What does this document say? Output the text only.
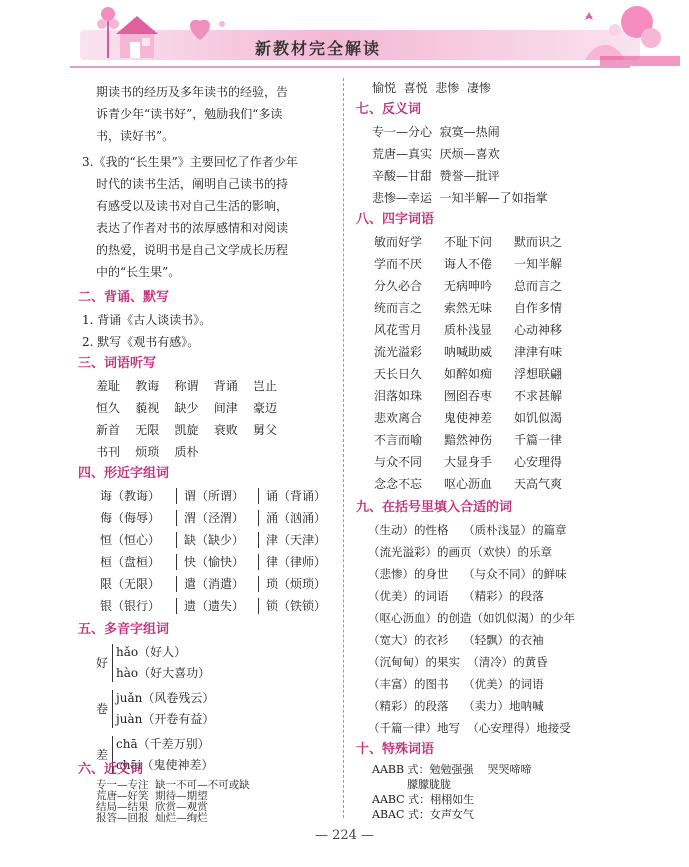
新教材完全解读
期读书的经历及多年读书的经验，告
诉青少年“读书好”，勉励我们“多读
书，读好书”。
3.《我的“长生果”》主要回忆了作者少年
时代的读书生活，阐明自己读书的持
有感受以及读书对自己生活的影响，
表达了作者对书的浓厚感情和对阅读
的热爱，说明书是自己文学成长历程
中的“长生果”。
二、背诵、默写
1. 背诵《古人谈读书》。
2. 默写《观书有感》。
三、词语听写
羞耻    教诲    称谓    背诵    岂止
恒久    藐视    缺少    间津    豪迈
新首    无限    凯旋    衰败    舅父
书刊    烦琐    质朴
四、形近字组词
诲（教诲） 谓（所谓） 诵（背诵）
侮（侮辱） 渭（泾渭） 涌（汹涌）
恒（恒心） 缺（缺少） 津（天津）
桓（盘桓） 快（愉快） 律（律师）
限（无限） 遣（消遣） 琐（烦琐）
银（银行） 遗（遗失） 锁（铁锁）
五、多音字组词
好
hǎo（好人）
hào（好大喜功）
卷
juǎn（风卷残云）
juàn（开卷有益）
差
chā（千差万别）
chāi（鬼使神差）
六、近义词
专一—专注  缺一不可—不可或缺
荒唐—好笑  期待—期望
结局—结果  欣赏—观赏
报答—回报  灿烂—绚烂
愉悦  喜悦  悲惨  凄惨
七、反义词
专一—分心  寂寞—热闹
荒唐—真实  厌烦—喜欢
辛酸—甘甜  赞誉—批评
悲惨—幸运  一知半解—了如指掌
八、四字词语
敏而好学 不耻下问 默而识之
学而不厌 诲人不倦 一知半解
分久必合 无病呻吟 总而言之
统而言之 索然无味 自作多情
风花雪月 质朴浅显 心动神移
流光溢彩 呐喊助威 津津有味
天长日久 如醉如痴 浮想联翩
泪落如珠 囫囵吞枣 不求甚解
悲欢离合 鬼使神差 如饥似渴
不言而喻 黯然神伤 千篇一律
与众不同 大显身手 心安理得
念念不忘 呕心沥血 天高气爽
九、在括号里填入合适的词
（生动）的性格    （质朴浅显）的篇章
（流光溢彩）的画页（欢快）的乐章
（悲惨）的身世    （与众不同）的鲜味
（优美）的词语    （精彩）的段落
（呕心沥血）的创造（如饥似渴）的少年
（宽大）的衣衫    （轻飘）的衣袖
（沉甸甸）的果实  （清冷）的黄昏
（丰富）的图书    （优美）的词语
（精彩）的段落    （卖力）地呐喊
（千篇一律）地写  （心安理得）地接受
十、特殊词语
AABB 式：勉勉强强    哭哭啼啼
朦朦胧胧
AABC 式：栩栩如生
ABAC 式：女声女气
— 224 —
